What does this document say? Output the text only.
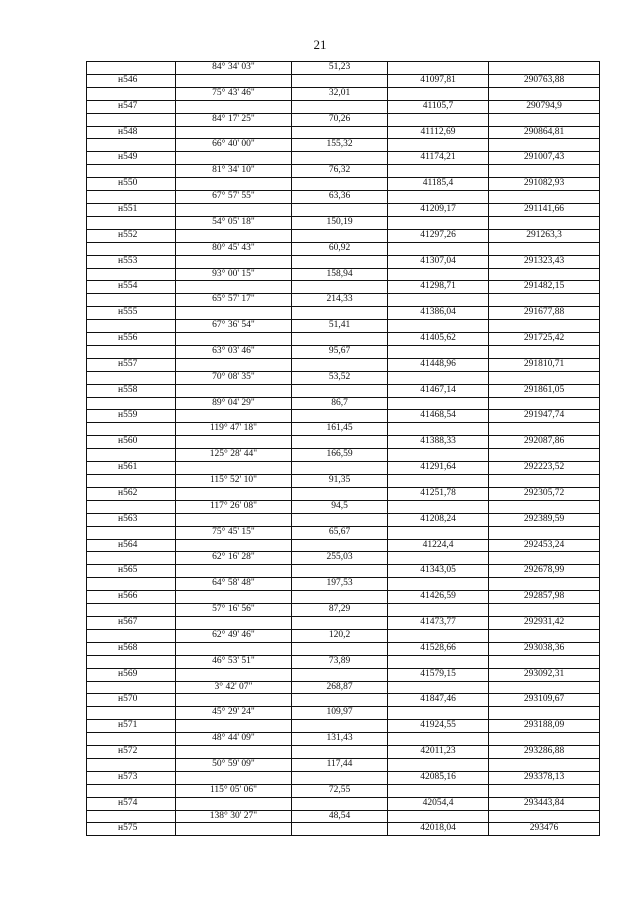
21
	84° 34' 03"	51,23		
н546			41097,81	290763,88
	75° 43' 46"	32,01		
н547			41105,7	290794,9
	84° 17' 25"	70,26		
н548			41112,69	290864,81
	66° 40' 00"	155,32		
н549			41174,21	291007,43
	81° 34' 10"	76,32		
н550			41185,4	291082,93
	67° 57' 55"	63,36		
н551			41209,17	291141,66
	54° 05' 18"	150,19		
н552			41297,26	291263,3
	80° 45' 43"	60,92		
н553			41307,04	291323,43
	93° 00' 15"	158,94		
н554			41298,71	291482,15
	65° 57' 17"	214,33		
н555			41386,04	291677,88
	67° 36' 54"	51,41		
н556			41405,62	291725,42
	63° 03' 46"	95,67		
н557			41448,96	291810,71
	70° 08' 35"	53,52		
н558			41467,14	291861,05
	89° 04' 29"	86,7		
н559			41468,54	291947,74
	119° 47' 18"	161,45		
н560			41388,33	292087,86
	125° 28' 44"	166,59		
н561			41291,64	292223,52
	115° 52' 10"	91,35		
н562			41251,78	292305,72
	117° 26' 08"	94,5		
н563			41208,24	292389,59
	75° 45' 15"	65,67		
н564			41224,4	292453,24
	62° 16' 28"	255,03		
н565			41343,05	292678,99
	64° 58' 48"	197,53		
н566			41426,59	292857,98
	57° 16' 56"	87,29		
н567			41473,77	292931,42
	62° 49' 46"	120,2		
н568			41528,66	293038,36
	46° 53' 51"	73,89		
н569			41579,15	293092,31
	3° 42' 07"	268,87		
н570			41847,46	293109,67
	45° 29' 24"	109,97		
н571			41924,55	293188,09
	48° 44' 09"	131,43		
н572			42011,23	293286,88
	50° 59' 09"	117,44		
н573			42085,16	293378,13
	115° 05' 06"	72,55		
н574			42054,4	293443,84
	138° 30' 27"	48,54		
н575			42018,04	293476
